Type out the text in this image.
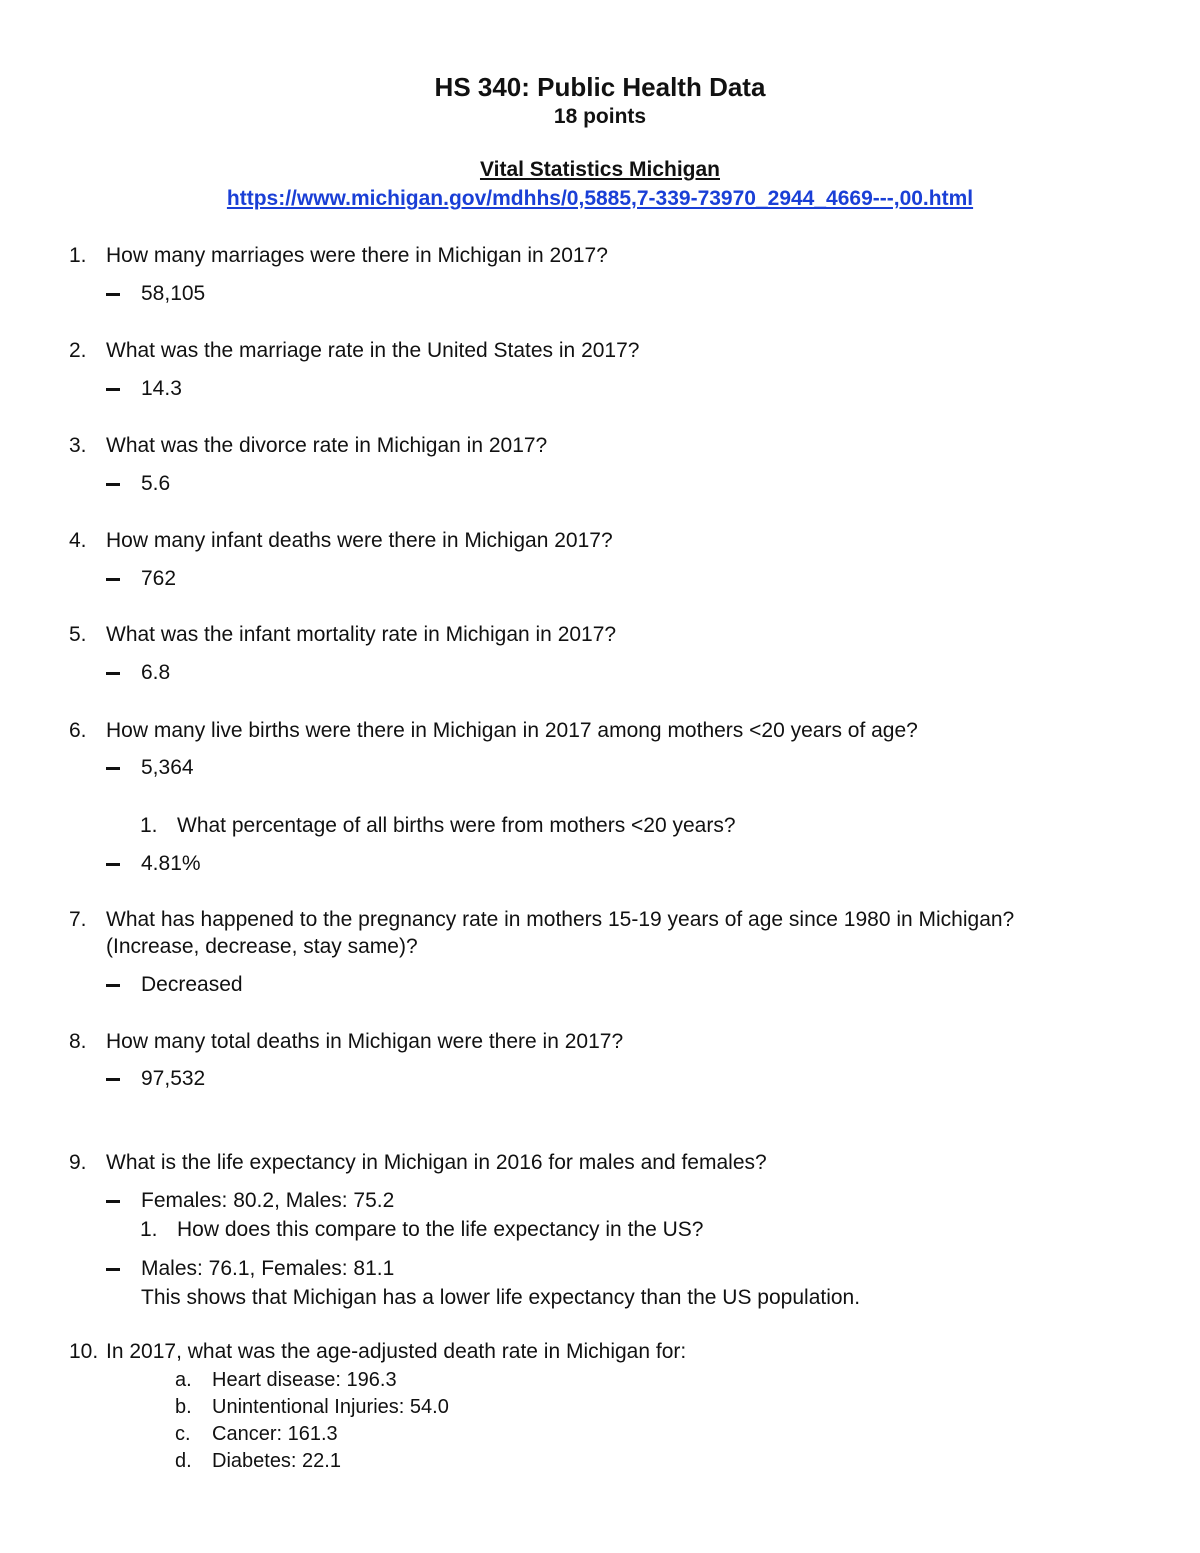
HS 340: Public Health Data
18 points
Vital Statistics Michigan
https://www.michigan.gov/mdhhs/0,5885,7-339-73970_2944_4669---,00.html
1. How many marriages were there in Michigan in 2017?
58,105
2. What was the marriage rate in the United States in 2017?
14.3
3. What was the divorce rate in Michigan in 2017?
5.6
4. How many infant deaths were there in Michigan 2017?
762
5. What was the infant mortality rate in Michigan in 2017?
6.8
6. How many live births were there in Michigan in 2017 among mothers <20 years of age?
5,364
1. What percentage of all births were from mothers <20 years?
4.81%
7. What has happened to the pregnancy rate in mothers 15-19 years of age since 1980 in Michigan?
(Increase, decrease, stay same)?
Decreased
8. How many total deaths in Michigan were there in 2017?
97,532
9. What is the life expectancy in Michigan in 2016 for males and females?
Females: 80.2, Males: 75.2
1. How does this compare to the life expectancy in the US?
Males: 76.1, Females: 81.1
This shows that Michigan has a lower life expectancy than the US population.
10. In 2017, what was the age-adjusted death rate in Michigan for:
a.	Heart disease: 196.3
b.	Unintentional Injuries: 54.0
c.	Cancer: 161.3
d.	Diabetes: 22.1
